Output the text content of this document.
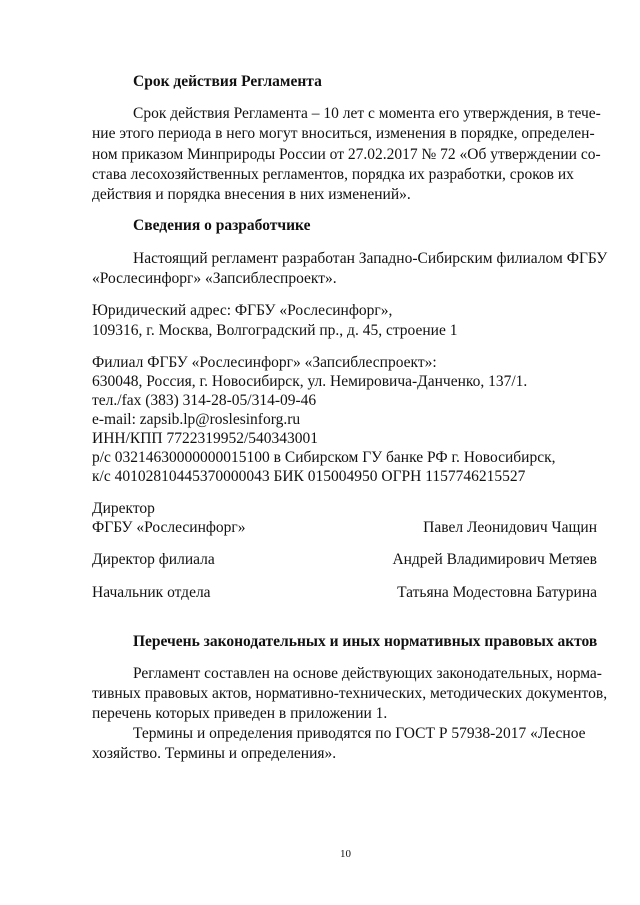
Срок действия Регламента
Срок действия Регламента – 10 лет с момента его утверждения, в тече-
ние этого периода в него могут вноситься, изменения в порядке, определен-
ном приказом Минприроды России от 27.02.2017 № 72 «Об утверждении со-
става лесохозяйственных регламентов, порядка их разработки, сроков их
действия и порядка внесения в них изменений».
Сведения о разработчике
Настоящий регламент разработан Западно-Сибирским филиалом ФГБУ
«Рослесинфорг» «Запсиблеспроект».
Юридический адрес: ФГБУ «Рослесинфорг»,
109316, г. Москва, Волгоградский пр., д. 45, строение 1
Филиал ФГБУ «Рослесинфорг» «Запсиблеспроект»:
630048, Россия, г. Новосибирск, ул. Немировича-Данченко, 137/1.
тел./fax (383) 314-28-05/314-09-46
e-mail: zapsib.lp@roslesinforg.ru
ИНН/КПП 7722319952/540343001
р/с 03214630000000015100 в Сибирском ГУ банке РФ г. Новосибирск,
к/с 40102810445370000043 БИК 015004950 ОГРН 1157746215527
Директор
ФГБУ «Рослесинфорг»	Павел Леонидович Чащин
Директор филиала	Андрей Владимирович Метяев
Начальник отдела	Татьяна Модестовна Батурина
Перечень законодательных и иных нормативных правовых актов
Регламент составлен на основе действующих законодательных, норма-
тивных правовых актов, нормативно-технических, методических документов,
перечень которых приведен в приложении 1.
Термины и определения приводятся по ГОСТ Р 57938-2017 «Лесное
хозяйство. Термины и определения».
10
